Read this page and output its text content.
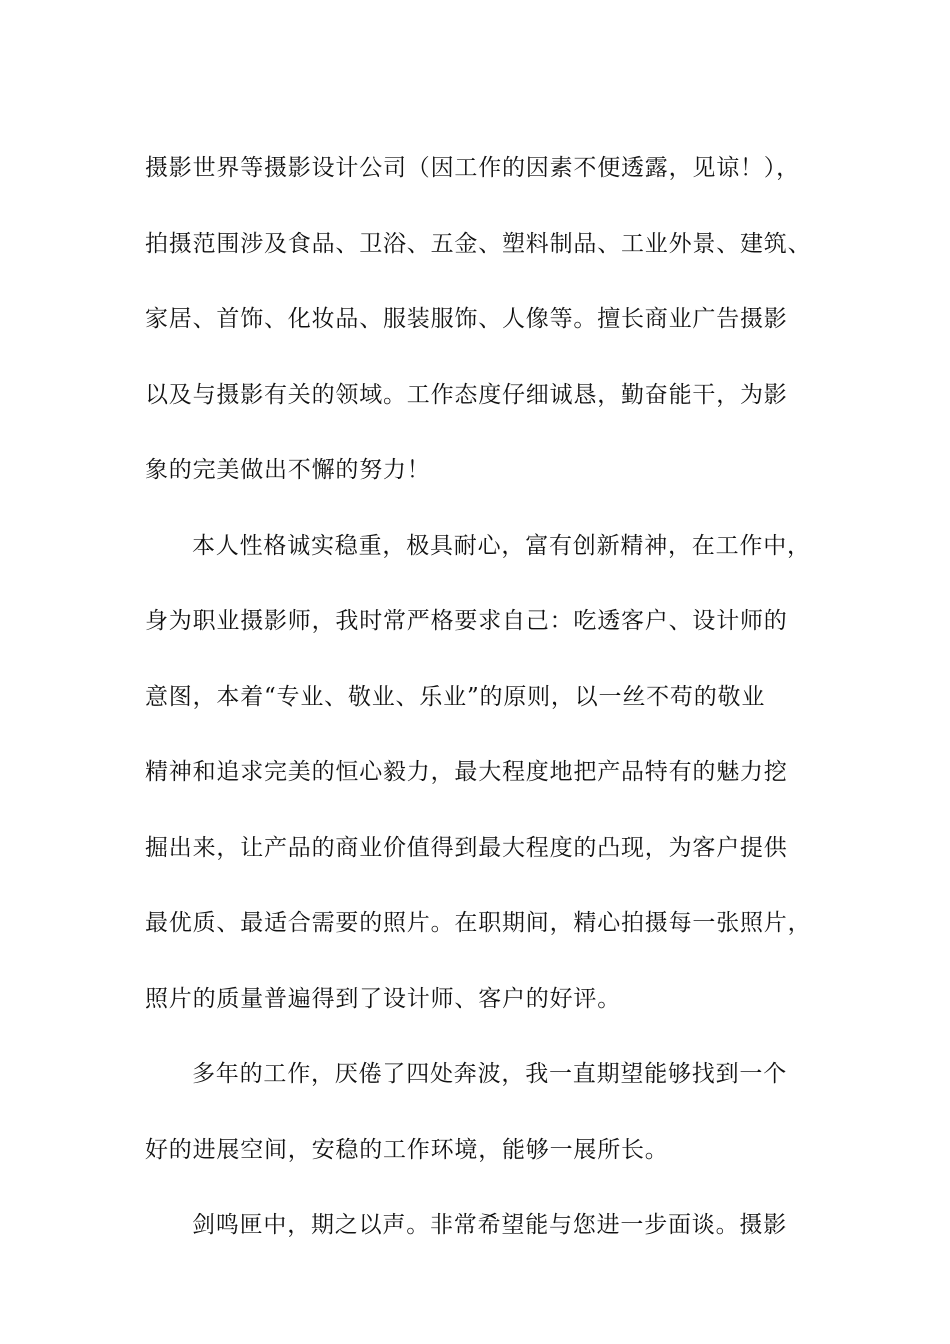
摄影世界等摄影设计公司（因工作的因素不便透露，见谅！），
拍摄范围涉及食品、卫浴、五金、塑料制品、工业外景、建筑、
家居、首饰、化妆品、服装服饰、人像等。擅长商业广告摄影
以及与摄影有关的领域。工作态度仔细诚恳，勤奋能干，为影
象的完美做出不懈的努力！
本人性格诚实稳重，极具耐心，富有创新精神，在工作中，
身为职业摄影师，我时常严格要求自己：吃透客户、设计师的
意图，本着“专业、敬业、乐业”的原则，以一丝不苟的敬业
精神和追求完美的恒心毅力，最大程度地把产品特有的魅力挖
掘出来，让产品的商业价值得到最大程度的凸现，为客户提供
最优质、最适合需要的照片。在职期间，精心拍摄每一张照片，
照片的质量普遍得到了设计师、客户的好评。
多年的工作，厌倦了四处奔波，我一直期望能够找到一个
好的进展空间，安稳的工作环境，能够一展所长。
剑鸣匣中，期之以声。非常希望能与您进一步面谈。摄影
